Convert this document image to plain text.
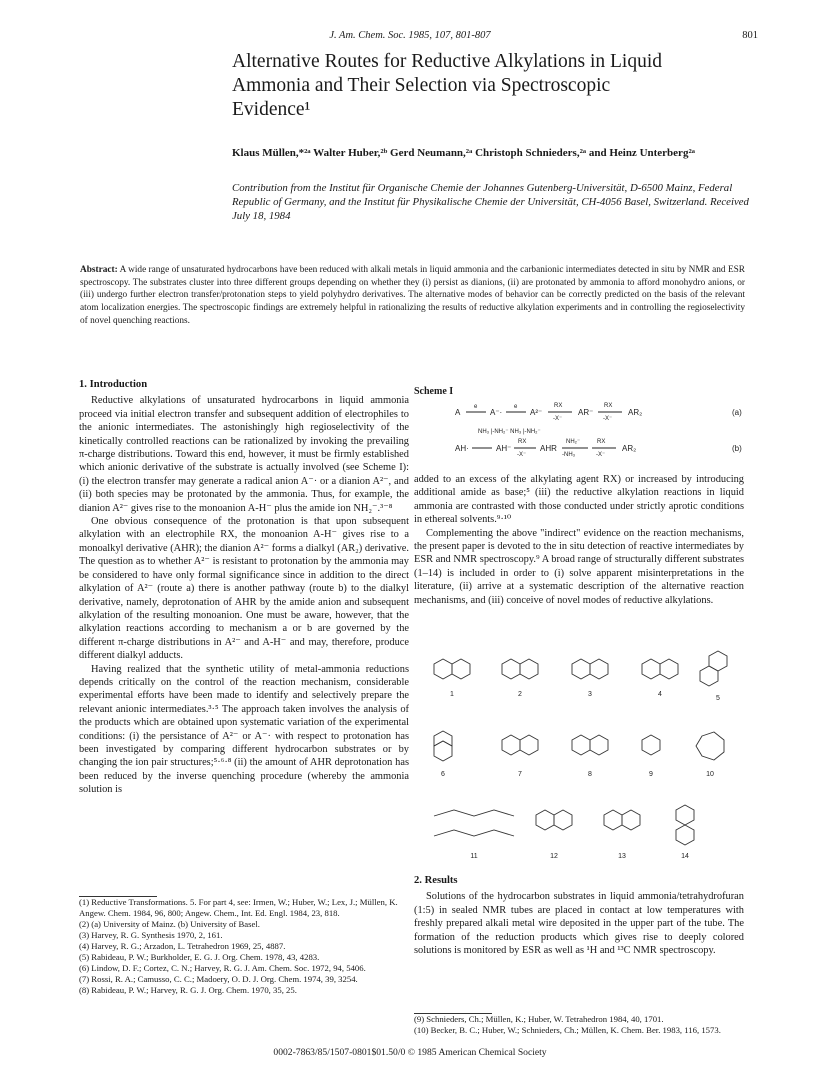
J. Am. Chem. Soc. 1985, 107, 801-807	801
Alternative Routes for Reductive Alkylations in Liquid Ammonia and Their Selection via Spectroscopic Evidence¹
Klaus Müllen,*²ᵃ Walter Huber,²ᵇ Gerd Neumann,²ᵃ Christoph Schnieders,²ᵃ and Heinz Unterberg²ᵃ
Contribution from the Institut für Organische Chemie der Johannes Gutenberg-Universität, D-6500 Mainz, Federal Republic of Germany, and the Institut für Physikalische Chemie der Universität, CH-4056 Basel, Switzerland. Received July 18, 1984
Abstract: A wide range of unsaturated hydrocarbons have been reduced with alkali metals in liquid ammonia and the carbanionic intermediates detected in situ by NMR and ESR spectroscopy. The substrates cluster into three different groups depending on whether they (i) persist as dianions, (ii) are protonated by ammonia to afford monohydro anions, or (iii) undergo further electron transfer/protonation steps to yield polyhydro derivatives. The alternative modes of behavior can be correctly predicted on the basis of the relevant atom localization energies. The spectroscopic findings are extremely helpful in rationalizing the results of reductive alkylation experiments and in controlling the regioselectivity of novel quenching reactions.
1. Introduction

Reductive alkylations of unsaturated hydrocarbons in liquid ammonia proceed via initial electron transfer and subsequent addition of electrophiles to the anionic intermediates. The astonishingly high regioselectivity of the kinetically controlled reactions can be rationalized by invoking the prevailing π-charge distributions. Toward this end, however, it must be firmly established which anionic derivative of the substrate is actually involved (see Scheme I): (i) the electron transfer may generate a radical anion A⁻· or a dianion A²⁻, and (ii) both species may be protonated by the ammonia. Thus, for example, the dianion A²⁻ gives rise to the monoanion A-H⁻ plus the amide ion NH₂⁻.³⁻⁸

One obvious consequence of the protonation is that upon subsequent alkylation with an electrophile RX, the monoanion A-H⁻ gives rise to a monoalkyl derivative (AHR); the dianion A²⁻ forms a dialkyl (AR₂) derivative. The question as to whether A²⁻ is resistant to protonation by the ammonia may be considered to have only formal significance since in addition to the direct alkylation of A²⁻ (route a) there is another pathway (route b) to the dialkyl derivative, namely, deprotonation of AHR by the amide anion and subsequent alkylation of the resulting monoanion. One must be aware, however, that the alkylation reactions according to mechanism a or b are governed by the different π-charge distributions in A²⁻ and A-H⁻ and may, therefore, produce different dialkyl adducts.

Having realized that the synthetic utility of metal-ammonia reductions depends critically on the control of the reaction mechanism, considerable experimental efforts have been made to identify and selectively prepare the relevant anionic intermediates.³·⁵ The approach taken involves the analysis of the products which are obtained upon systematic variation of the experimental conditions: (i) the persistance of A²⁻ or A⁻· with respect to protonation has been investigated by comparing different hydrocarbon substrates or by changing the ion pair structures;⁵·⁶·⁸ (ii) the amount of AHR deprotonation has been reduced by the inverse quenching procedure (whereby the ammonia solution is

(1) Reductive Transformations. 5. For part 4, see: Irmen, W.; Huber, W.; Lex, J.; Müllen, K. Angew. Chem. 1984, 96, 800; Angew. Chem., Int. Ed. Engl. 1984, 23, 818.
(2) (a) University of Mainz. (b) University of Basel.
(3) Harvey, R. G. Synthesis 1970, 2, 161.
(4) Harvey, R. G.; Arzadon, L. Tetrahedron 1969, 25, 4887.
(5) Rabideau, P. W.; Burkholder, E. G. J. Org. Chem. 1978, 43, 4283.
(6) Lindow, D. F.; Cortez, C. N.; Harvey, R. G. J. Am. Chem. Soc. 1972, 94, 5406.
(7) Rossi, R. A.; Camusso, C. C.; Madoery, O. D. J. Org. Chem. 1974, 39, 3254.
(8) Rabideau, P. W.; Harvey, R. G. J. Org. Chem. 1970, 35, 25.
Scheme I
A
e
A⁻·
e
A²⁻
RX
-X⁻
AR⁻
RX
-X⁻
AR₂	(a)
NH₃ |-NH₂⁻ NH₃ |-NH₂⁻
AH·	AH⁻
RX
-X⁻
AHR
NH₂⁻
-NH₃
RX
-X⁻
AR₂	(b)

added to an excess of the alkylating agent RX) or increased by introducing additional amide as base;⁵ (iii) the reductive alkylation reactions in liquid ammonia are contrasted with those conducted under strictly aprotic conditions in ethereal solvents.⁹·¹⁰

Complementing the above "indirect" evidence on the reaction mechanisms, the present paper is devoted to the in situ detection of reactive intermediates by ESR and NMR spectroscopy.⁹ A broad range of structurally different substrates (1–14) is included in order to (i) solve apparent misinterpretations in the literature, (ii) arrive at a systematic description of the alternative reaction mechanisms, and (iii) conceive of novel modes of reductive alkylations.

1	2	3	4
5
6	7	8	9	10
11	12	13	14
2. Results

Solutions of the hydrocarbon substrates in liquid ammonia/tetrahydrofuran (1:5) in sealed NMR tubes are placed in contact at low temperatures with freshly prepared alkali metal wire deposited in the upper part of the tube. The formation of the reduction products which gives rise to deeply colored solutions is monitored by ESR as well as ¹H and ¹³C NMR spectroscopy.

(9) Schnieders, Ch.; Müllen, K.; Huber, W. Tetrahedron 1984, 40, 1701.
(10) Becker, B. C.; Huber, W.; Schnieders, Ch.; Müllen, K. Chem. Ber. 1983, 116, 1573.
0002-7863/85/1507-0801$01.50/0 © 1985 American Chemical Society
